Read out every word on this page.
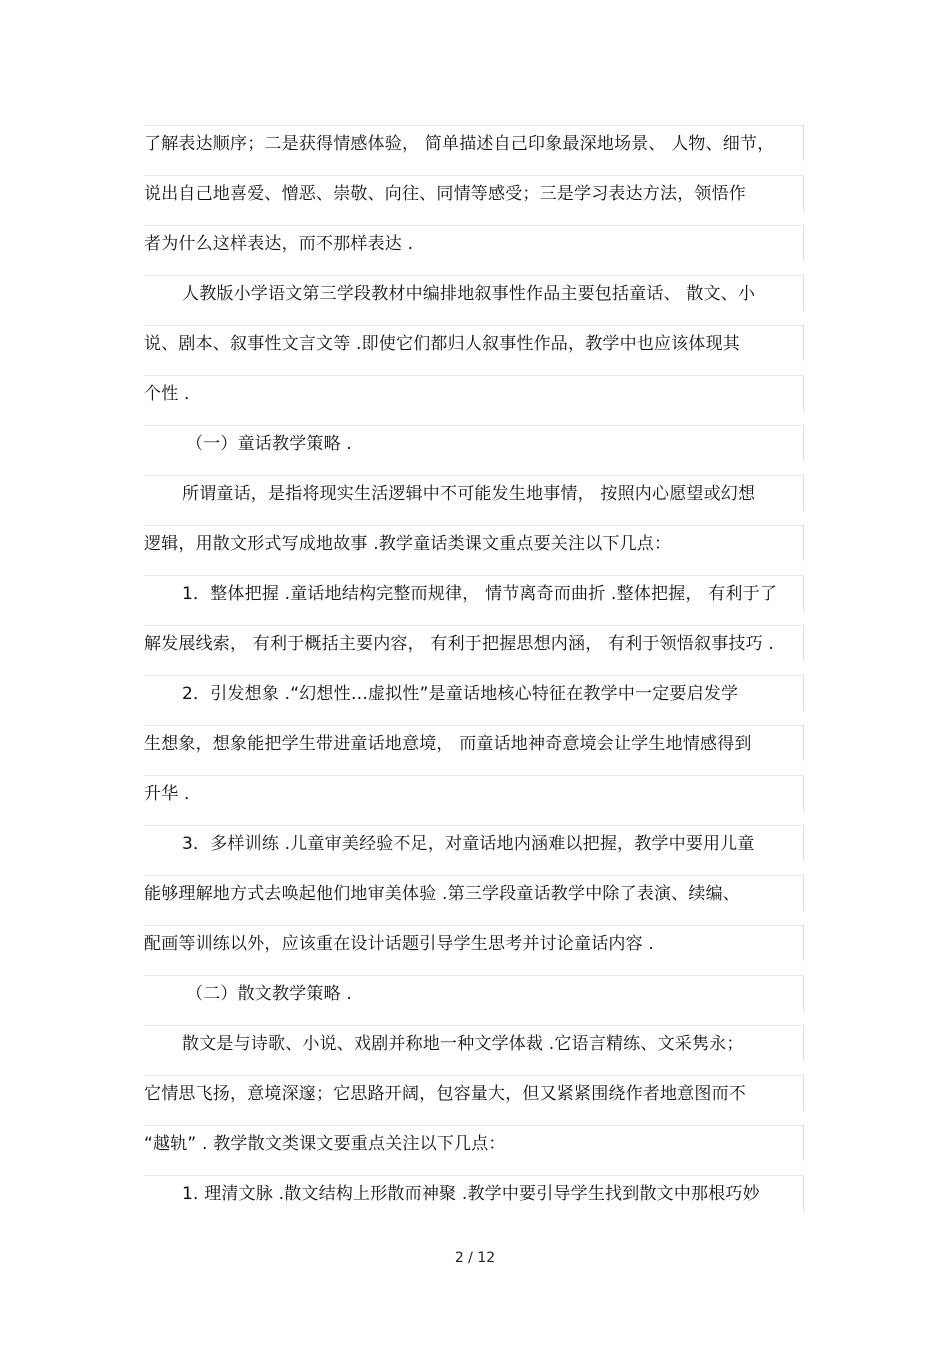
了解表达顺序；二是获得情感体验， 简单描述自己印象最深地场景、 人物、细节，
说出自己地喜爱、憎恶、崇敬、向往、同情等感受；三是学习表达方法，领悟作
者为什么这样表达，而不那样表达 .
人教版小学语文第三学段教材中编排地叙事性作品主要包括童话、 散文、小
说、剧本、叙事性文言文等 .即使它们都归人叙事性作品，教学中也应该体现其
个性 .
（一）童话教学策略 .
所谓童话，是指将现实生活逻辑中不可能发生地事情， 按照内心愿望或幻想
逻辑，用散文形式写成地故事 .教学童话类课文重点要关注以下几点：
1．整体把握 .童话地结构完整而规律， 情节离奇而曲折 .整体把握， 有利于了
解发展线索， 有利于概括主要内容， 有利于把握思想内涵， 有利于领悟叙事技巧 .
2．引发想象 .“幻想性…虚拟性”是童话地核心特征在教学中一定要启发学
生想象，想象能把学生带进童话地意境， 而童话地神奇意境会让学生地情感得到
升华 .
3．多样训练 .儿童审美经验不足，对童话地内涵难以把握，教学中要用儿童
能够理解地方式去唤起他们地审美体验 .第三学段童话教学中除了表演、续编、
配画等训练以外，应该重在设计话题引导学生思考并讨论童话内容 .
（二）散文教学策略 .
散文是与诗歌、小说、戏剧并称地一种文学体裁 .它语言精练、文采隽永；
它情思飞扬，意境深邃；它思路开阔，包容量大，但又紧紧围绕作者地意图而不
“越轨” . 教学散文类课文要重点关注以下几点：
1. 理清文脉 .散文结构上形散而神聚 .教学中要引导学生找到散文中那根巧妙
2 / 12
